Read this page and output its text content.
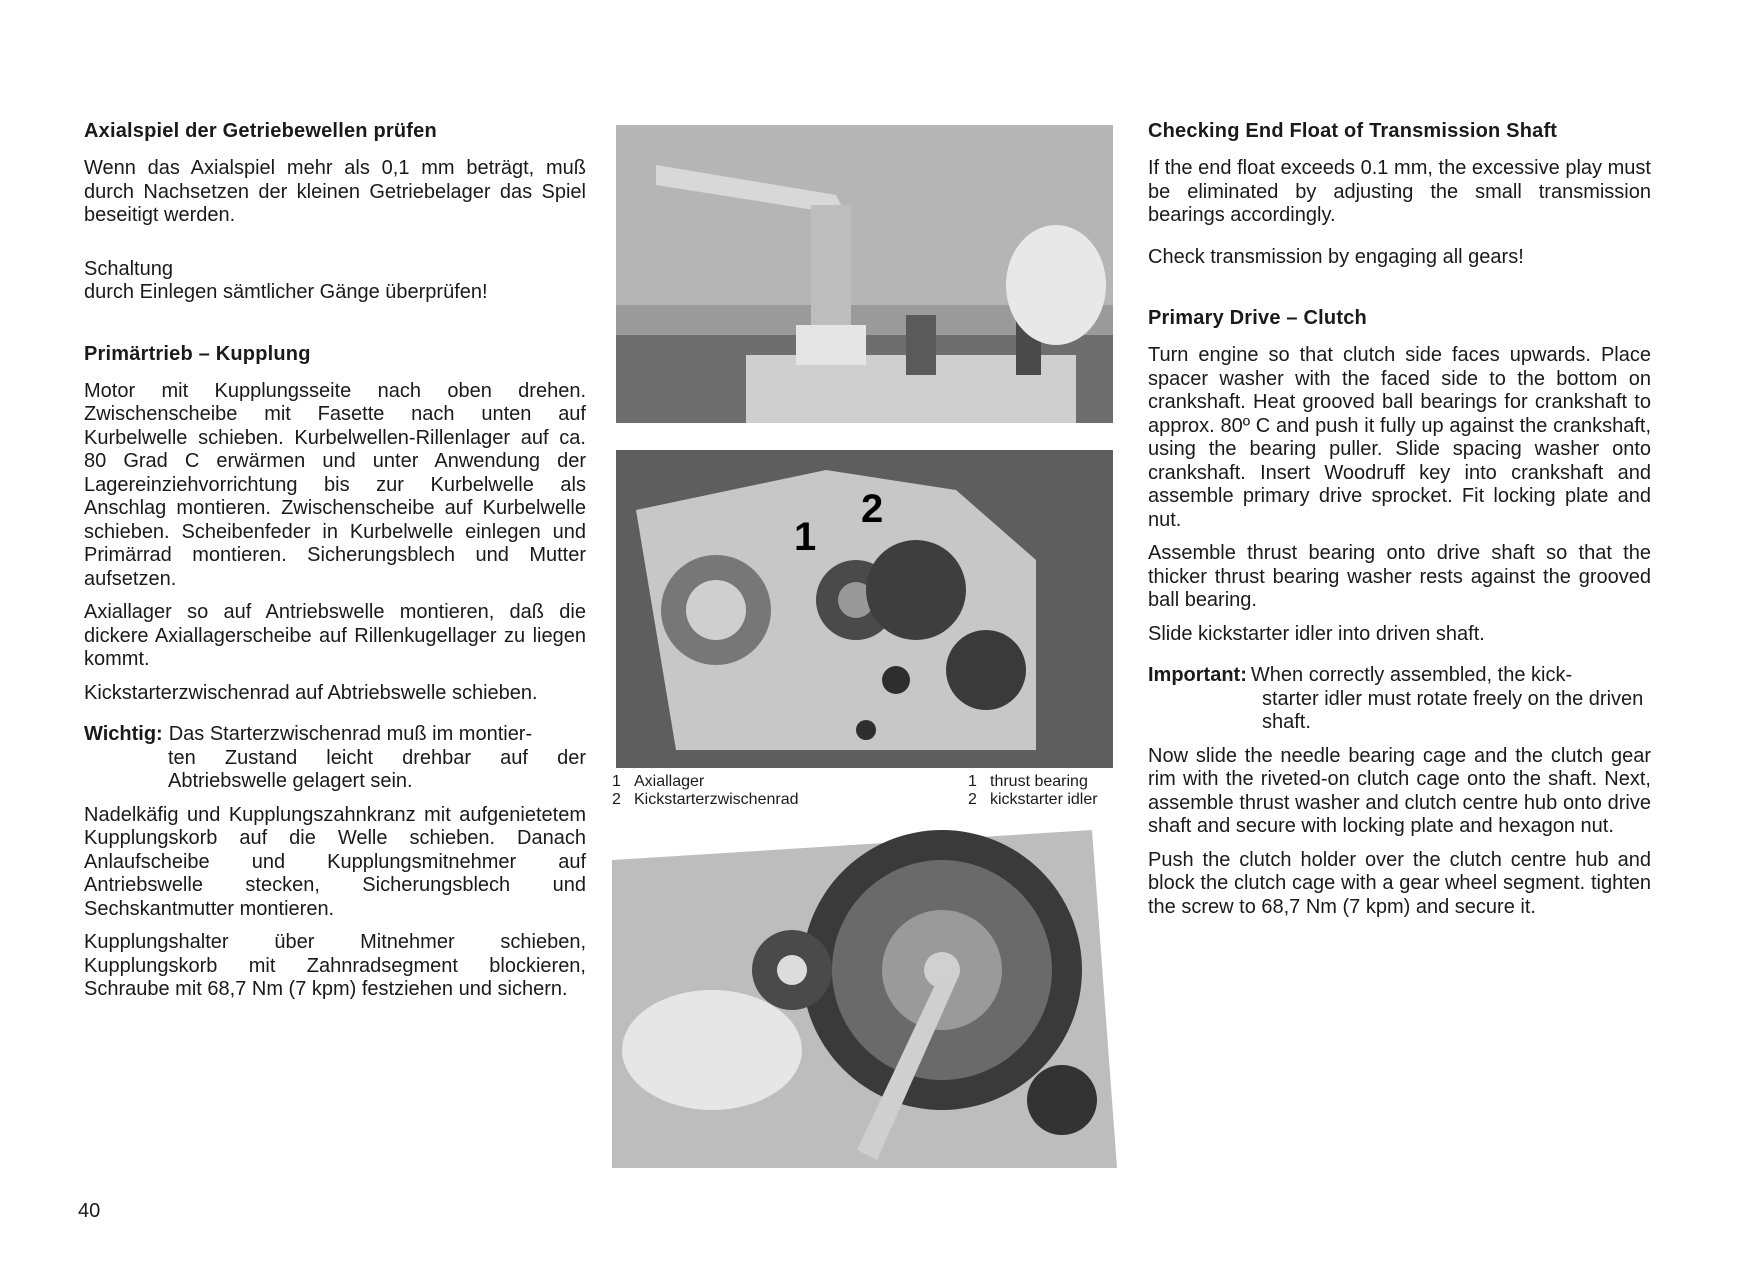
Axialspiel der Getriebewellen prüfen

Wenn das Axialspiel mehr als 0,1 mm beträgt, muß durch Nachsetzen der kleinen Getriebelager das Spiel beseitigt werden.

Schaltung

durch Einlegen sämtlicher Gänge überprüfen!

Primärtrieb – Kupplung

Motor mit Kupplungsseite nach oben drehen. Zwischenscheibe mit Fasette nach unten auf Kurbelwelle schieben. Kurbelwellen-Rillenlager auf ca. 80 Grad C erwärmen und unter Anwendung der Lagereinziehvorrichtung bis zur Kurbelwelle als Anschlag montieren. Zwischenscheibe auf Kurbelwelle schieben. Scheibenfeder in Kurbelwelle einlegen und Primärrad montieren. Sicherungsblech und Mutter aufsetzen.

Axiallager so auf Antriebswelle montieren, daß die dickere Axiallagerscheibe auf Rillenkugellager zu liegen kommt.

Kickstarterzwischenrad auf Abtriebswelle schieben.

Wichtig: Das Starterzwischenrad muß im montier-
ten Zustand leicht drehbar auf der Abtriebswelle gelagert sein.

Nadelkäfig und Kupplungszahnkranz mit aufgenietetem Kupplungskorb auf die Welle schieben. Danach Anlaufscheibe und Kupplungsmitnehmer auf Antriebswelle stecken, Sicherungsblech und Sechskantmutter montieren.

Kupplungshalter über Mitnehmer schieben, Kupplungskorb mit Zahnradsegment blockieren, Schraube mit 68,7 Nm (7 kpm) festziehen und sichern.

1
2
1 Axiallager
2 Kickstarterzwischenrad
1 thrust bearing
2 kickstarter idler
Checking End Float of Transmission Shaft

If the end float exceeds 0.1 mm, the excessive play must be eliminated by adjusting the small transmission bearings accordingly.

Check transmission by engaging all gears!

Primary Drive – Clutch

Turn engine so that clutch side faces upwards. Place spacer washer with the faced side to the bottom on crankshaft. Heat grooved ball bearings for crankshaft to approx. 80º C and push it fully up against the crankshaft, using the bearing puller. Slide spacing washer onto crankshaft. Insert Woodruff key into crankshaft and assemble primary drive sprocket. Fit locking plate and nut.

Assemble thrust bearing onto drive shaft so that the thicker thrust bearing washer rests against the grooved ball bearing.

Slide kickstarter idler into driven shaft.

Important: When correctly assembled, the kick-
starter idler must rotate freely on the driven shaft.

Now slide the needle bearing cage and the clutch gear rim with the riveted-on clutch cage onto the shaft. Next, assemble thrust washer and clutch centre hub onto drive shaft and secure with locking plate and hexagon nut.

Push the clutch holder over the clutch centre hub and block the clutch cage with a gear wheel segment. tighten the screw to 68,7 Nm (7 kpm) and secure it.

40
